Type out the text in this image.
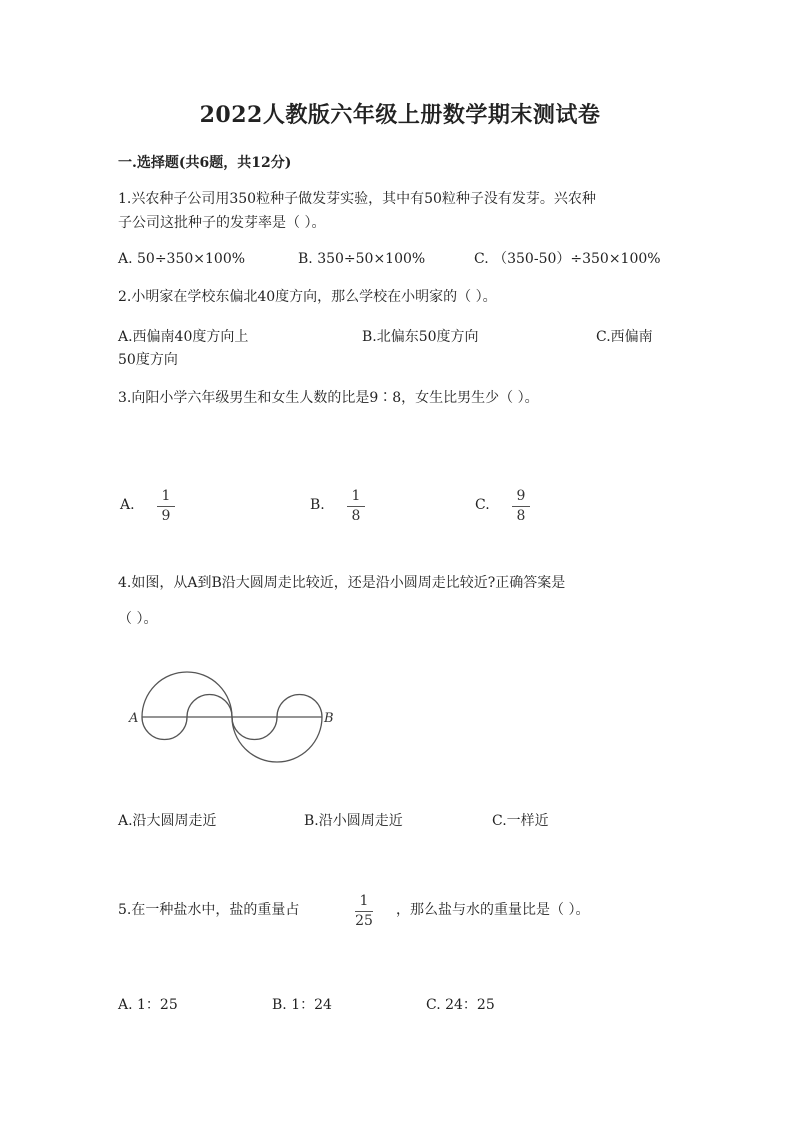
2022人教版六年级上册数学期末测试卷
一.选择题(共6题，共12分)
1.兴农种子公司用350粒种子做发芽实验，其中有50粒种子没有发芽。兴农种
子公司这批种子的发芽率是（ ）。
A. 50÷350×100%	B. 350÷50×100%	C. （350-50）÷350×100%
2.小明家在学校东偏北40度方向，那么学校在小明家的（ ）。
A.西偏南40度方向上	B.北偏东50度方向	C.西偏南
50度方向
3.向阳小学六年级男生和女生人数的比是9∶8，女生比男生少（ ）。
A.
1
9
B.
1
8
C.
9
8
4.如图，从A到B沿大圆周走比较近，还是沿小圆周走比较近?正确答案是
（ ）。
A	B
A.沿大圆周走近	B.沿小圆周走近	C.一样近
5.在一种盐水中，盐的重量占
1
25
，那么盐与水的重量比是（ ）。
A. 1：25	B. 1：24	C. 24：25
